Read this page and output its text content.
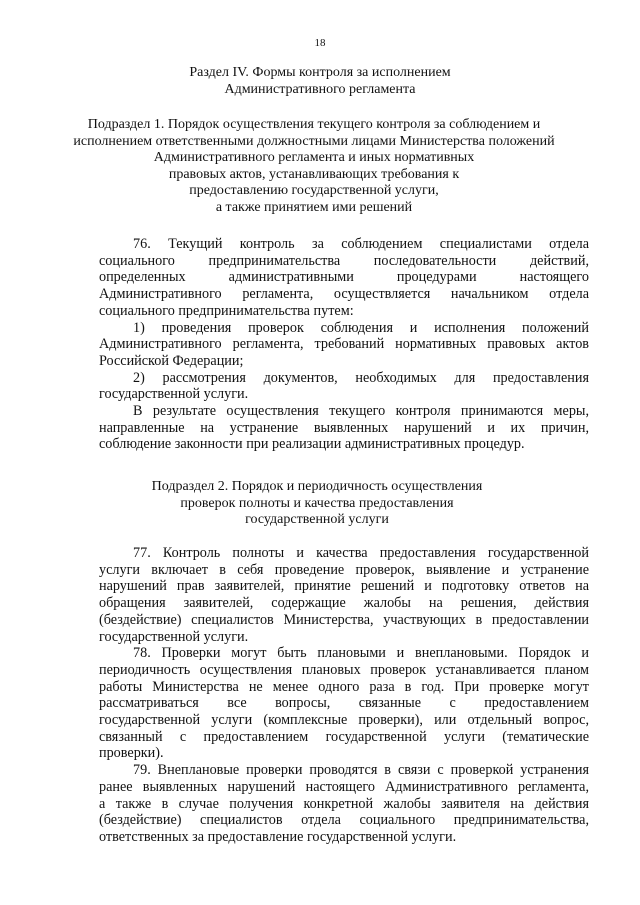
18
Раздел IV. Формы контроля за исполнением
Административного регламента
Подраздел 1. Порядок осуществления текущего контроля за соблюдением и
исполнением ответственными должностными лицами Министерства положений
Административного регламента и иных нормативных
правовых актов, устанавливающих требования к
предоставлению государственной услуги,
а также принятием ими решений
76. Текущий контроль за соблюдением специалистами отдела
социального предпринимательства последовательности действий,
определенных административными процедурами настоящего
Административного регламента, осуществляется начальником отдела
социального предпринимательства путем:
1) проведения проверок соблюдения и исполнения положений
Административного регламента, требований нормативных правовых актов
Российской Федерации;
2) рассмотрения документов, необходимых для предоставления
государственной услуги.
В результате осуществления текущего контроля принимаются меры,
направленные на устранение выявленных нарушений и их причин,
соблюдение законности при реализации административных процедур.
Подраздел 2. Порядок и периодичность осуществления
проверок полноты и качества предоставления
государственной услуги
77. Контроль полноты и качества предоставления государственной
услуги включает в себя проведение проверок, выявление и устранение
нарушений прав заявителей, принятие решений и подготовку ответов на
обращения заявителей, содержащие жалобы на решения, действия
(бездействие) специалистов Министерства, участвующих в предоставлении
государственной услуги.
78. Проверки могут быть плановыми и внеплановыми. Порядок и
периодичность осуществления плановых проверок устанавливается планом
работы Министерства не менее одного раза в год. При проверке могут
рассматриваться все вопросы, связанные с предоставлением
государственной услуги (комплексные проверки), или отдельный вопрос,
связанный с предоставлением государственной услуги (тематические
проверки).
79. Внеплановые проверки проводятся в связи с проверкой устранения
ранее выявленных нарушений настоящего Административного регламента,
а также в случае получения конкретной жалобы заявителя на действия
(бездействие) специалистов отдела социального предпринимательства,
ответственных за предоставление государственной услуги.
